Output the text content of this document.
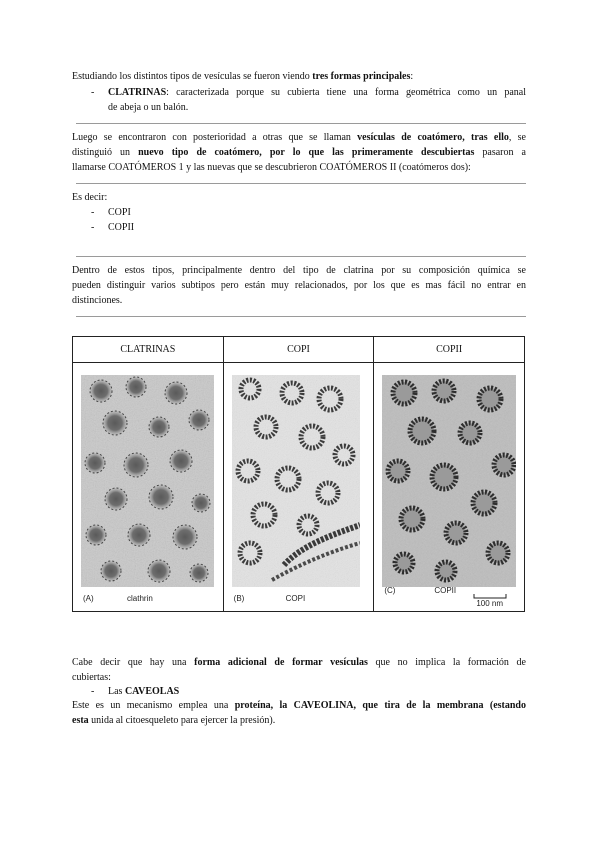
Estudiando los distintos tipos de vesículas se fueron viendo tres formas principales:
- CLATRINAS: caracterizada porque su cubierta tiene una forma geométrica como un panal
de abeja o un balón.
Luego se encontraron con posterioridad a otras que se llaman vesículas de coatómero, tras ello, se
distinguió un nuevo tipo de coatómero, por lo que las primeramente descubiertas pasaron a
llamarse COATÓMEROS 1 y las nuevas que se descubrieron COATÓMEROS II (coatómeros dos):
Es decir:
- COPI
- COPII
Dentro de estos tipos, principalmente dentro del tipo de clatrina por su composición química se
pueden distinguir varios subtipos pero están muy relacionados, por los que es mas fácil no entrar en
distinciones.
CLATRINAS	COPI	COPII

(A) clathrin	(B) COPI	(C) COPII
100 nm
Cabe decir que hay una forma adicional de formar vesículas que no implica la formación de
cubiertas:
- Las CAVEOLAS
Este es un mecanismo emplea una proteína, la CAVEOLINA, que tira de la membrana (estando
esta unida al citoesqueleto para ejercer la presión).
